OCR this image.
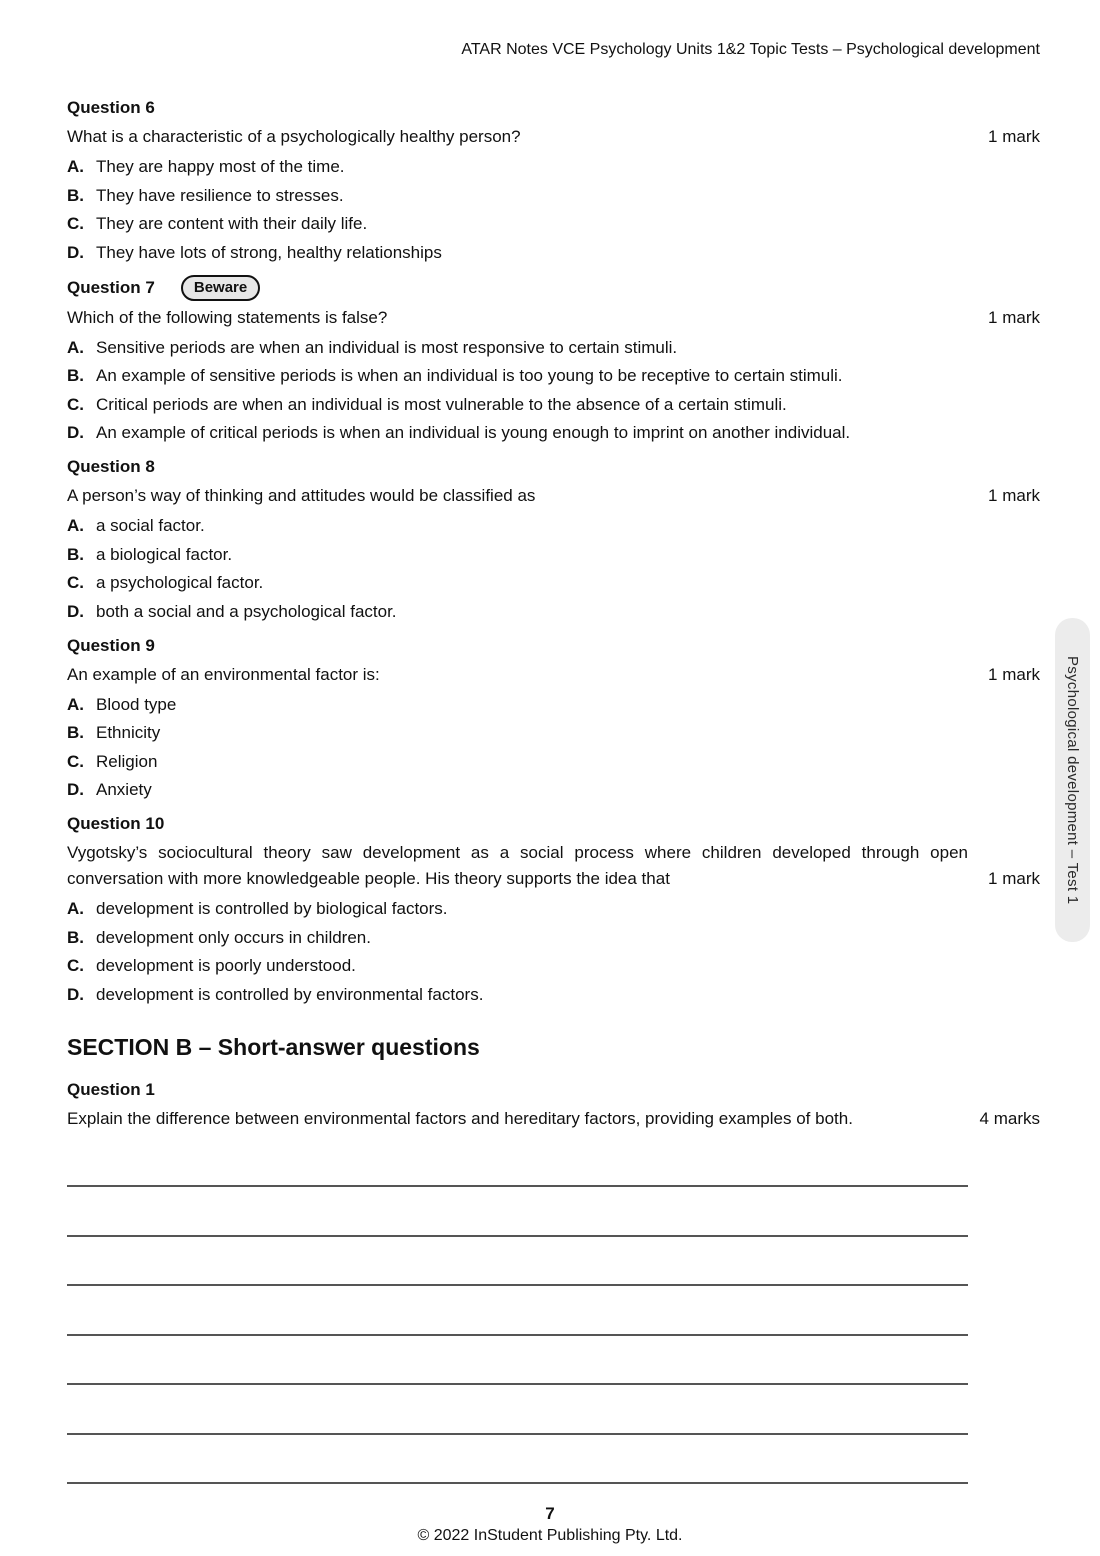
ATAR Notes VCE Psychology Units 1&2 Topic Tests – Psychological development
Question 6
What is a characteristic of a psychologically healthy person?	1 mark
A. They are happy most of the time.
B. They have resilience to stresses.
C. They are content with their daily life.
D. They have lots of strong, healthy relationships
Question 7	Beware
Which of the following statements is false?	1 mark
A. Sensitive periods are when an individual is most responsive to certain stimuli.
B. An example of sensitive periods is when an individual is too young to be receptive to certain stimuli.
C. Critical periods are when an individual is most vulnerable to the absence of a certain stimuli.
D. An example of critical periods is when an individual is young enough to imprint on another individual.
Question 8
A person’s way of thinking and attitudes would be classified as	1 mark
A. a social factor.
B. a biological factor.
C. a psychological factor.
D. both a social and a psychological factor.
Question 9
An example of an environmental factor is:	1 mark
A. Blood type
B. Ethnicity
C. Religion
D. Anxiety
Question 10
Vygotsky’s sociocultural theory saw development as a social process where children developed through open conversation with more knowledgeable people. His theory supports the idea that	1 mark
A. development is controlled by biological factors.
B. development only occurs in children.
C. development is poorly understood.
D. development is controlled by environmental factors.
SECTION B – Short-answer questions
Question 1
Explain the difference between environmental factors and hereditary factors, providing examples of both.	4 marks
Psychological development – Test 1
7
© 2022 InStudent Publishing Pty. Ltd.
